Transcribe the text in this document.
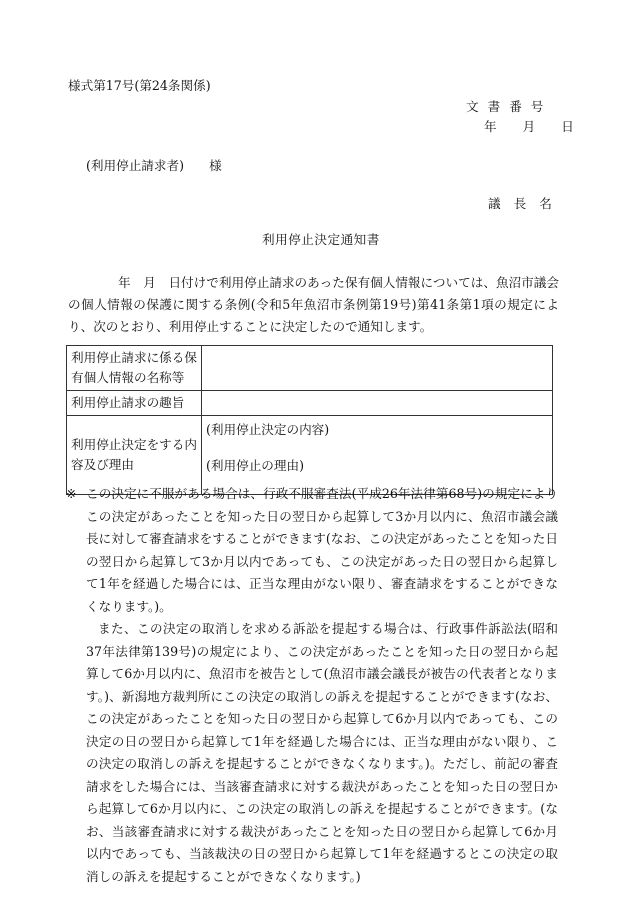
様式第17号(第24条関係)
文書番号
年 月 日
(利用停止請求者)　　様
議長名
利用停止決定通知書

年　月　日付けで利用停止請求のあった保有個人情報については、魚沼市議会の個人情報の保護に関する条例(令和5年魚沼市条例第19号)第41条第1項の規定により、次のとおり、利用停止することに決定したので通知します。

利用停止請求に係る保有個人情報の名称等	
利用停止請求の趣旨	
利用停止決定をする内容及び理由	(利用停止決定の内容)
(利用停止の理由)

※ この決定に不服がある場合は、行政不服審査法(平成26年法律第68号)の規定によりこの決定があったことを知った日の翌日から起算して3か月以内に、魚沼市議会議長に対して審査請求をすることができます(なお、この決定があったことを知った日の翌日から起算して3か月以内であっても、この決定があった日の翌日から起算して1年を経過した場合には、正当な理由がない限り、審査請求をすることができなくなります。)。

また、この決定の取消しを求める訴訟を提起する場合は、行政事件訴訟法(昭和37年法律第139号)の規定により、この決定があったことを知った日の翌日から起算して6か月以内に、魚沼市を被告として(魚沼市議会議長が被告の代表者となります。)、新潟地方裁判所にこの決定の取消しの訴えを提起することができます(なお、この決定があったことを知った日の翌日から起算して6か月以内であっても、この決定の日の翌日から起算して1年を経過した場合には、正当な理由がない限り、この決定の取消しの訴えを提起することができなくなります。)。ただし、前記の審査請求をした場合には、当該審査請求に対する裁決があったことを知った日の翌日から起算して6か月以内に、この決定の取消しの訴えを提起することができます。(なお、当該審査請求に対する裁決があったことを知った日の翌日から起算して6か月以内であっても、当該裁決の日の翌日から起算して1年を経過するとこの決定の取消しの訴えを提起することができなくなります。)
